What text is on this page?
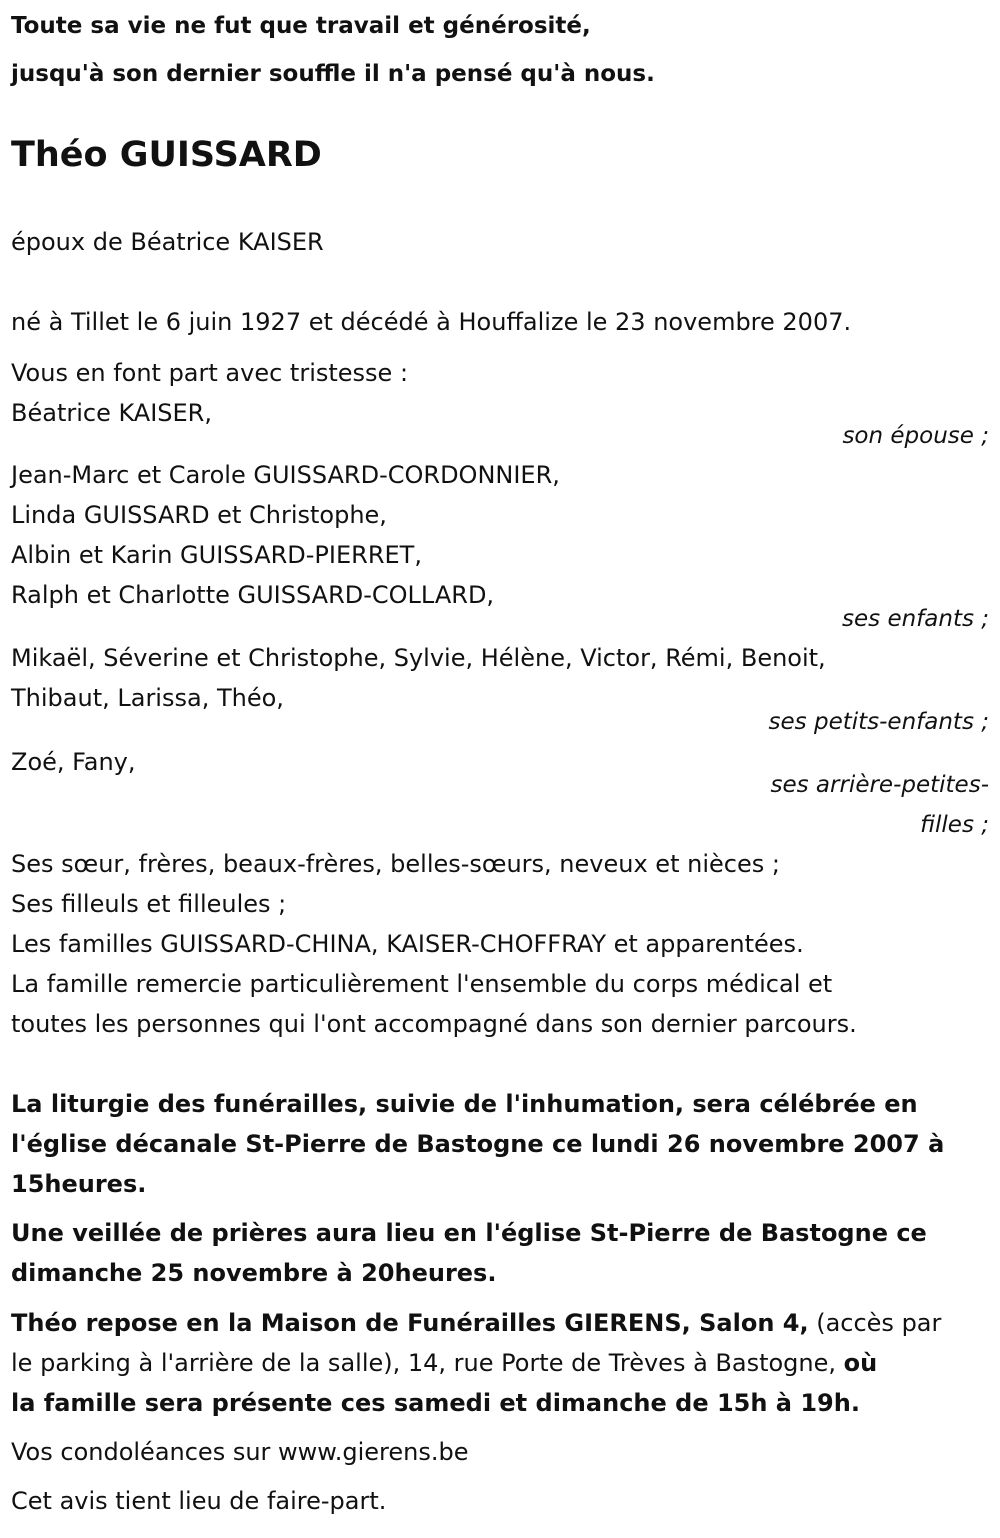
Toute sa vie ne fut que travail et générosité,

jusqu'à son dernier souffle il n'a pensé qu'à nous.

Théo GUISSARD

époux de Béatrice KAISER

né à Tillet le 6 juin 1927 et décédé à Houffalize le 23 novembre 2007.

Vous en font part avec tristesse :

Béatrice KAISER,

son épouse ;

Jean-Marc et Carole GUISSARD-CORDONNIER,

Linda GUISSARD et Christophe,

Albin et Karin GUISSARD-PIERRET,

Ralph et Charlotte GUISSARD-COLLARD,

ses enfants ;

Mikaël, Séverine et Christophe, Sylvie, Hélène, Victor, Rémi, Benoit,

Thibaut, Larissa, Théo,

ses petits-enfants ;

Zoé, Fany,

ses arrière-petites-

filles ;

Ses sœur, frères, beaux-frères, belles-sœurs, neveux et nièces ;

Ses filleuls et filleules ;

Les familles GUISSARD-CHINA, KAISER-CHOFFRAY et apparentées.

La famille remercie particulièrement l'ensemble du corps médical et

toutes les personnes qui l'ont accompagné dans son dernier parcours.

La liturgie des funérailles, suivie de l'inhumation, sera célébrée en

l'église décanale St-Pierre de Bastogne ce lundi 26 novembre 2007 à

15heures.

Une veillée de prières aura lieu en l'église St-Pierre de Bastogne ce

dimanche 25 novembre à 20heures.

Théo repose en la Maison de Funérailles GIERENS, Salon 4, (accès par

le parking à l'arrière de la salle), 14, rue Porte de Trèves à Bastogne, où

la famille sera présente ces samedi et dimanche de 15h à 19h.

Vos condoléances sur www.gierens.be

Cet avis tient lieu de faire-part.
